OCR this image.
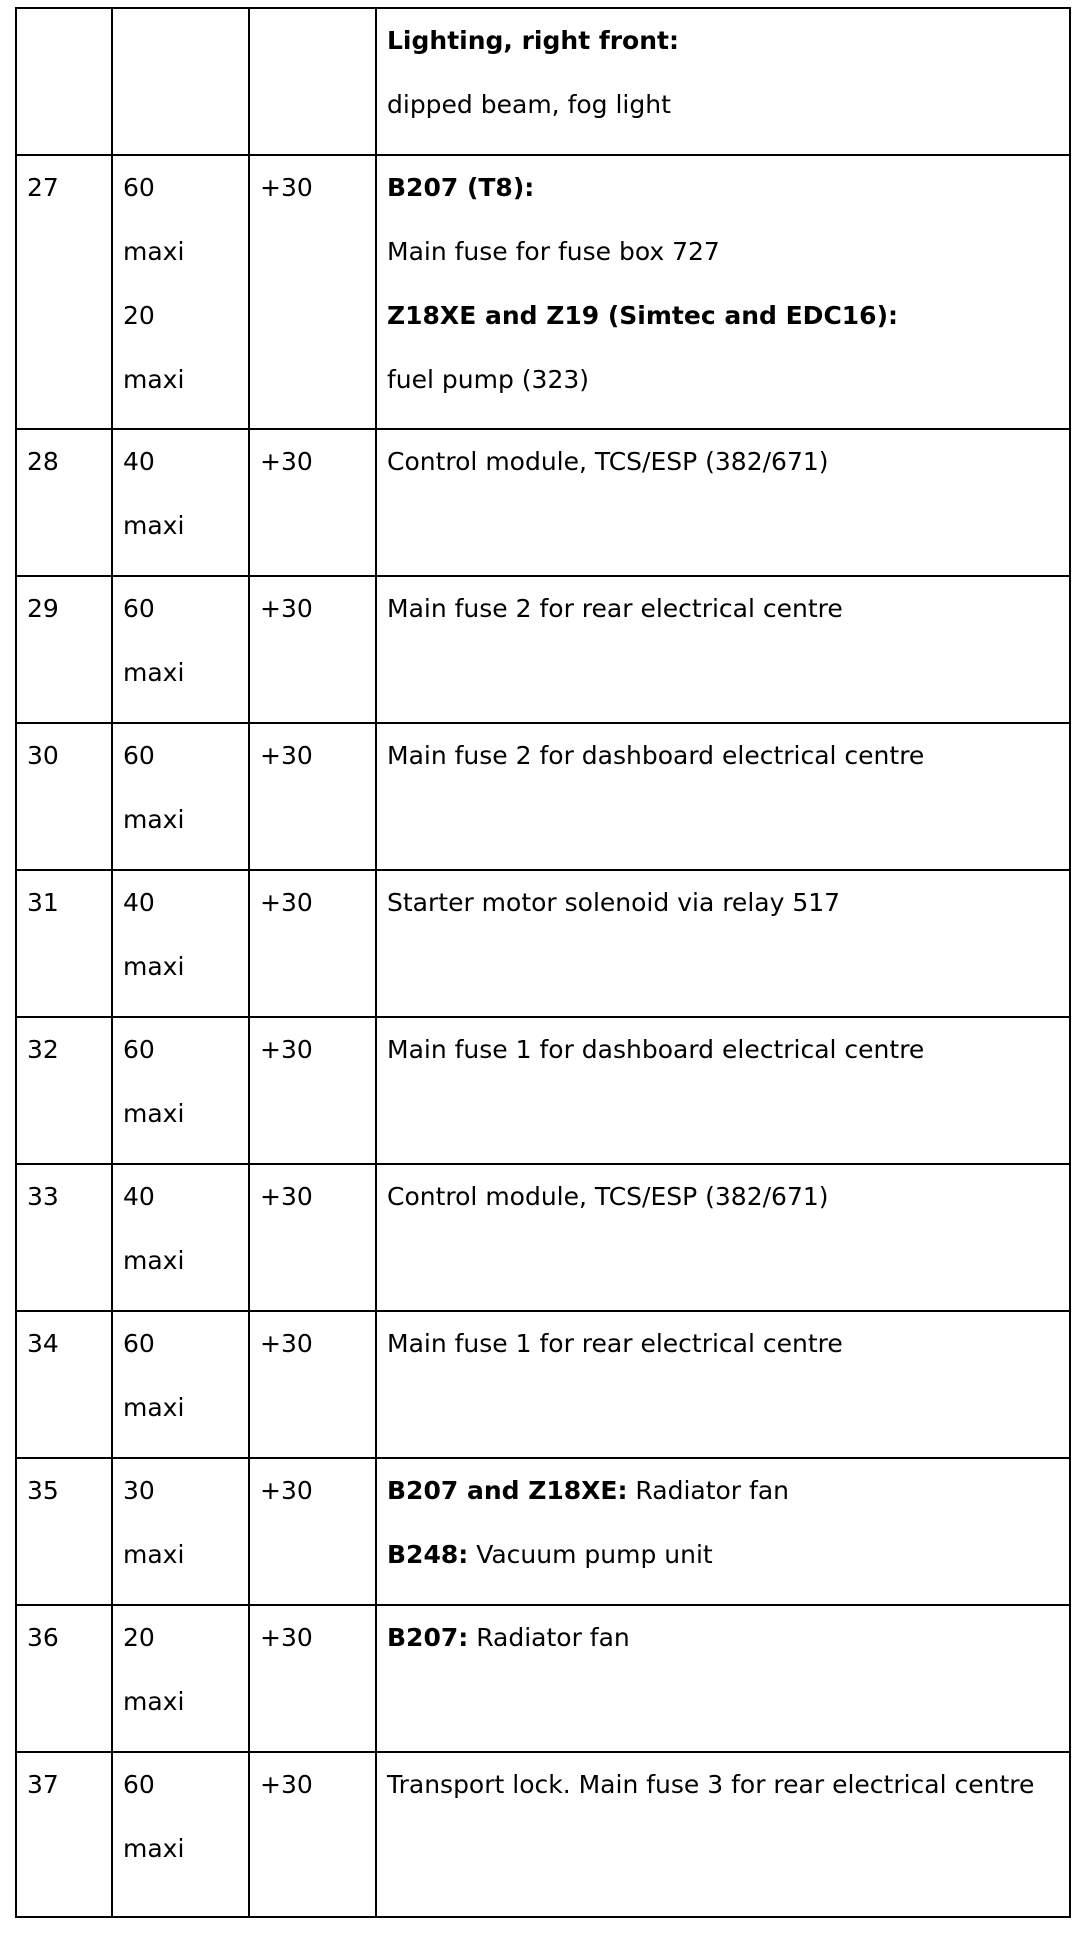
			Lighting, right front:
dipped beam, fog light

27	60
maxi
20
maxi	+30	B207 (T8):
Main fuse for fuse box 727
Z18XE and Z19 (Simtec and EDC16):
fuel pump (323)

28	40
maxi	+30	Control module, TCS/ESP (382/671)

29	60
maxi	+30	Main fuse 2 for rear electrical centre

30	60
maxi	+30	Main fuse 2 for dashboard electrical centre

31	40
maxi	+30	Starter motor solenoid via relay 517

32	60
maxi	+30	Main fuse 1 for dashboard electrical centre

33	40
maxi	+30	Control module, TCS/ESP (382/671)

34	60
maxi	+30	Main fuse 1 for rear electrical centre

35	30
maxi	+30	B207 and Z18XE: Radiator fan
B248: Vacuum pump unit

36	20
maxi	+30	B207: Radiator fan

37	60
maxi	+30	Transport lock. Main fuse 3 for rear electrical centre
